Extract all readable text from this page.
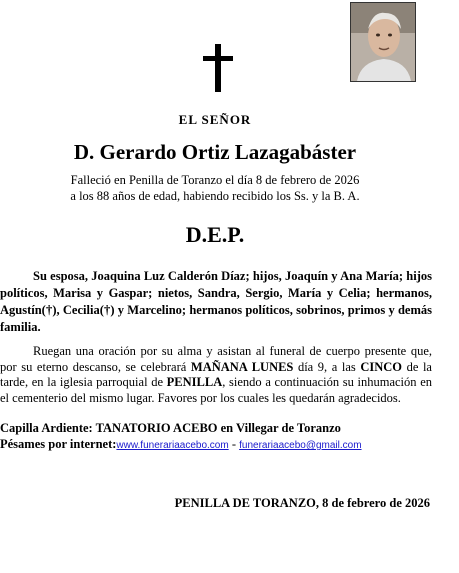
EL SEÑOR
D. Gerardo Ortiz Lazagabáster
Falleció en Penilla de Toranzo el día 8 de febrero de 2026
a los 88 años de edad, habiendo recibido los Ss. y la B. A.
D.E.P.
Su esposa, Joaquina Luz Calderón Díaz; hijos, Joaquín y Ana María; hijos políticos, Marisa y Gaspar; nietos, Sandra, Sergio, María y Celia; hermanos, Agustín(†), Cecilia(†) y Marcelino; hermanos políticos, sobrinos, primos y demás familia.

Ruegan una oración por su alma y asistan al funeral de cuerpo presente que, por su eterno descanso, se celebrará MAÑANA LUNES día 9, a las CINCO de la tarde, en la iglesia parroquial de PENILLA, siendo a continuación su inhumación en el cementerio del mismo lugar. Favores por los cuales les quedarán agradecidos.

Capilla Ardiente: TANATORIO ACEBO en Villegar de Toranzo
Pésames por internet:www.funerariaacebo.com - funerariaacebo@gmail.com
PENILLA DE TORANZO, 8 de febrero de 2026
